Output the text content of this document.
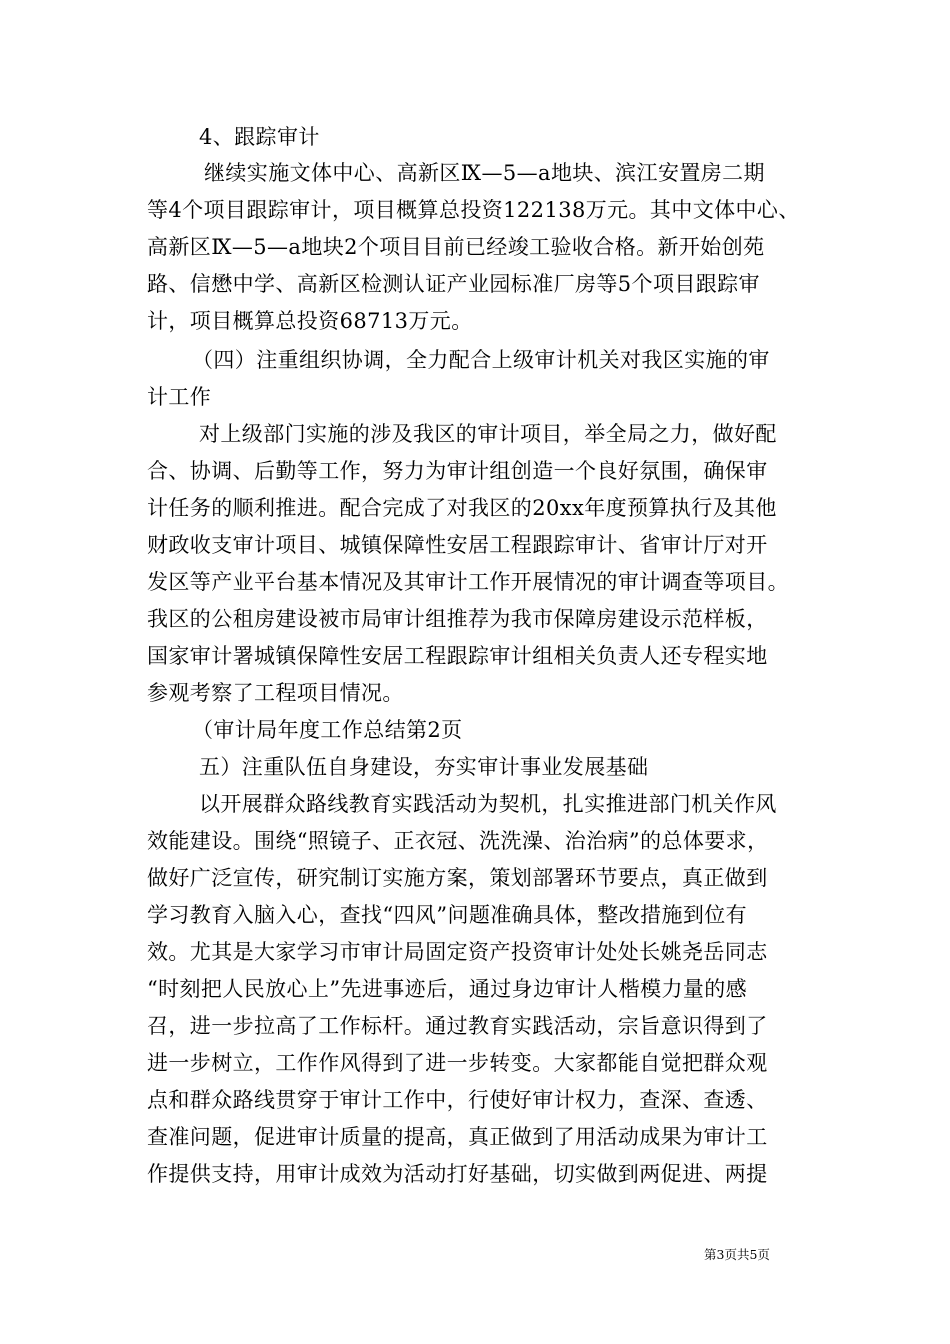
4、跟踪审计
继续实施文体中心、高新区Ⅸ—5—a地块、滨江安置房二期
等4个项目跟踪审计，项目概算总投资122138万元。其中文体中心、
高新区Ⅸ—5—a地块2个项目目前已经竣工验收合格。新开始创苑
路、信懋中学、高新区检测认证产业园标准厂房等5个项目跟踪审
计，项目概算总投资68713万元。
（四）注重组织协调，全力配合上级审计机关对我区实施的审
计工作
对上级部门实施的涉及我区的审计项目，举全局之力，做好配
合、协调、后勤等工作，努力为审计组创造一个良好氛围，确保审
计任务的顺利推进。配合完成了对我区的20xx年度预算执行及其他
财政收支审计项目、城镇保障性安居工程跟踪审计、省审计厅对开
发区等产业平台基本情况及其审计工作开展情况的审计调查等项目。
我区的公租房建设被市局审计组推荐为我市保障房建设示范样板，
国家审计署城镇保障性安居工程跟踪审计组相关负责人还专程实地
参观考察了工程项目情况。
（审计局年度工作总结第2页
五）注重队伍自身建设，夯实审计事业发展基础
以开展群众路线教育实践活动为契机，扎实推进部门机关作风
效能建设。围绕“照镜子、正衣冠、洗洗澡、治治病”的总体要求，
做好广泛宣传，研究制订实施方案，策划部署环节要点，真正做到
学习教育入脑入心，查找“四风”问题准确具体，整改措施到位有
效。尤其是大家学习市审计局固定资产投资审计处处长姚尧岳同志
“时刻把人民放心上”先进事迹后，通过身边审计人楷模力量的感
召，进一步拉高了工作标杆。通过教育实践活动，宗旨意识得到了
进一步树立，工作作风得到了进一步转变。大家都能自觉把群众观
点和群众路线贯穿于审计工作中，行使好审计权力，查深、查透、
查准问题，促进审计质量的提高，真正做到了用活动成果为审计工
作提供支持，用审计成效为活动打好基础，切实做到两促进、两提
第3页共5页
